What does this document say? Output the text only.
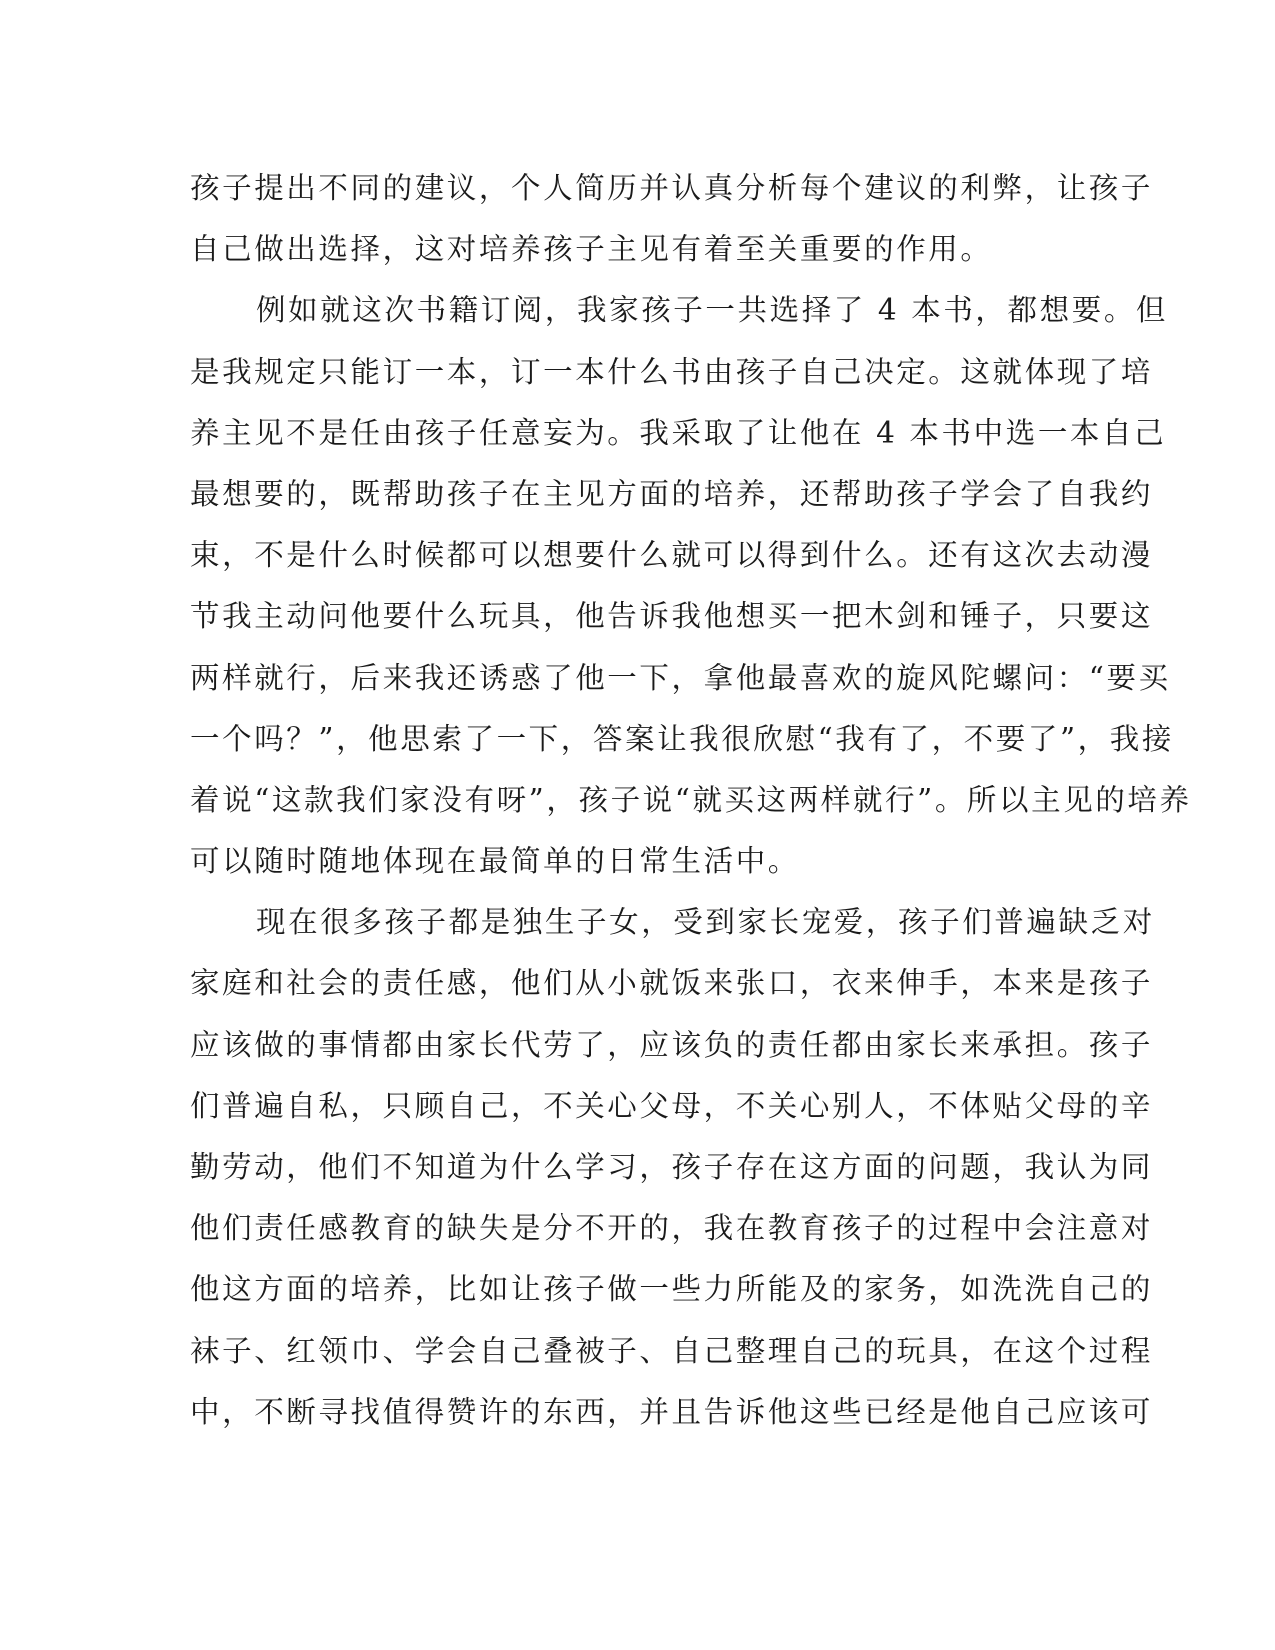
孩子提出不同的建议，个人简历并认真分析每个建议的利弊，让孩子
自己做出选择，这对培养孩子主见有着至关重要的作用。
例如就这次书籍订阅，我家孩子一共选择了 4 本书，都想要。但
是我规定只能订一本，订一本什么书由孩子自己决定。这就体现了培
养主见不是任由孩子任意妄为。我采取了让他在 4 本书中选一本自己
最想要的，既帮助孩子在主见方面的培养，还帮助孩子学会了自我约
束，不是什么时候都可以想要什么就可以得到什么。还有这次去动漫
节我主动问他要什么玩具，他告诉我他想买一把木剑和锤子，只要这
两样就行，后来我还诱惑了他一下，拿他最喜欢的旋风陀螺问：“要买
一个吗？”，他思索了一下，答案让我很欣慰“我有了，不要了”，我接
着说“这款我们家没有呀”，孩子说“就买这两样就行”。所以主见的培养
可以随时随地体现在最简单的日常生活中。
现在很多孩子都是独生子女，受到家长宠爱，孩子们普遍缺乏对
家庭和社会的责任感，他们从小就饭来张口，衣来伸手，本来是孩子
应该做的事情都由家长代劳了，应该负的责任都由家长来承担。孩子
们普遍自私，只顾自己，不关心父母，不关心别人，不体贴父母的辛
勤劳动，他们不知道为什么学习，孩子存在这方面的问题，我认为同
他们责任感教育的缺失是分不开的，我在教育孩子的过程中会注意对
他这方面的培养，比如让孩子做一些力所能及的家务，如洗洗自己的
袜子、红领巾、学会自己叠被子、自己整理自己的玩具，在这个过程
中，不断寻找值得赞许的东西，并且告诉他这些已经是他自己应该可
